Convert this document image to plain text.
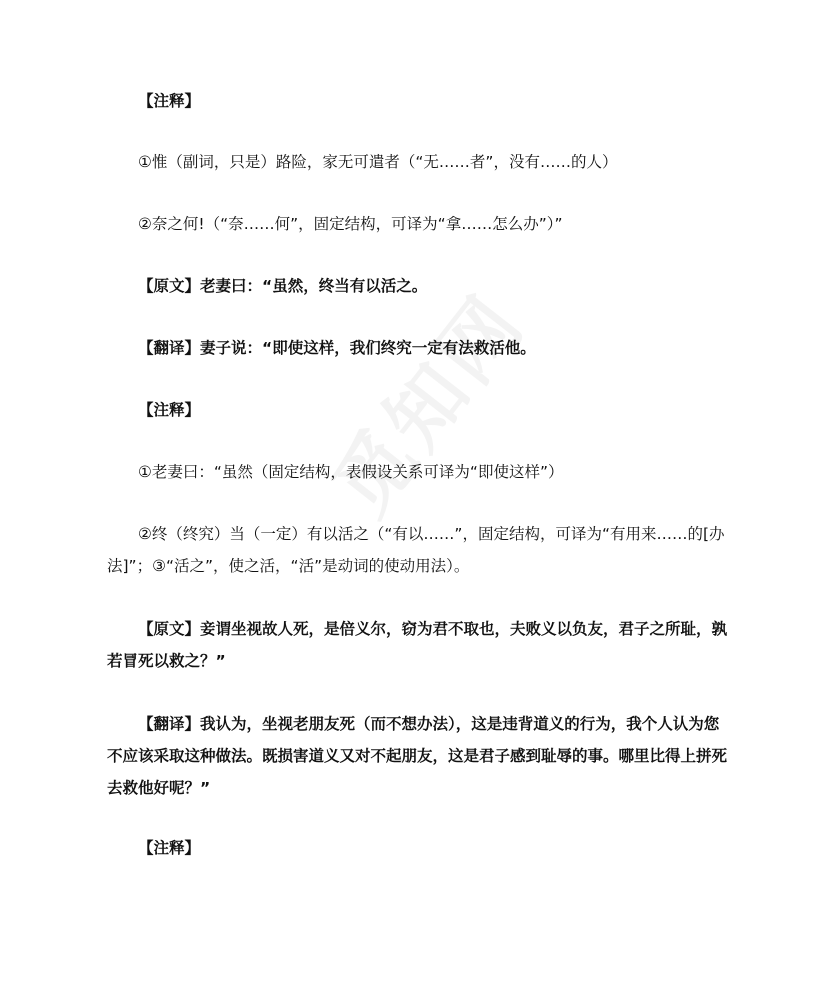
【注释】

①惟（副词，只是）路险，家无可遣者（“无……者”，没有……的人）

②奈之何!（“奈……何”，固定结构，可译为“拿……怎么办”）”

【原文】老妻曰：“虽然，终当有以活之。

【翻译】妻子说：“即使这样，我们终究一定有法救活他。

【注释】

①老妻曰：“虽然（固定结构，表假设关系可译为“即使这样”）

②终（终究）当（一定）有以活之（“有以……”，固定结构，可译为“有用来……的[办法]”；③“活之”，使之活，“活”是动词的使动用法）。

【原文】妾谓坐视故人死，是倍义尔，窃为君不取也，夫败义以负友，君子之所耻，孰若冒死以救之？”

【翻译】我认为，坐视老朋友死（而不想办法），这是违背道义的行为，我个人认为您不应该采取这种做法。既损害道义又对不起朋友，这是君子感到耻辱的事。哪里比得上拼死去救他好呢？”

【注释】
